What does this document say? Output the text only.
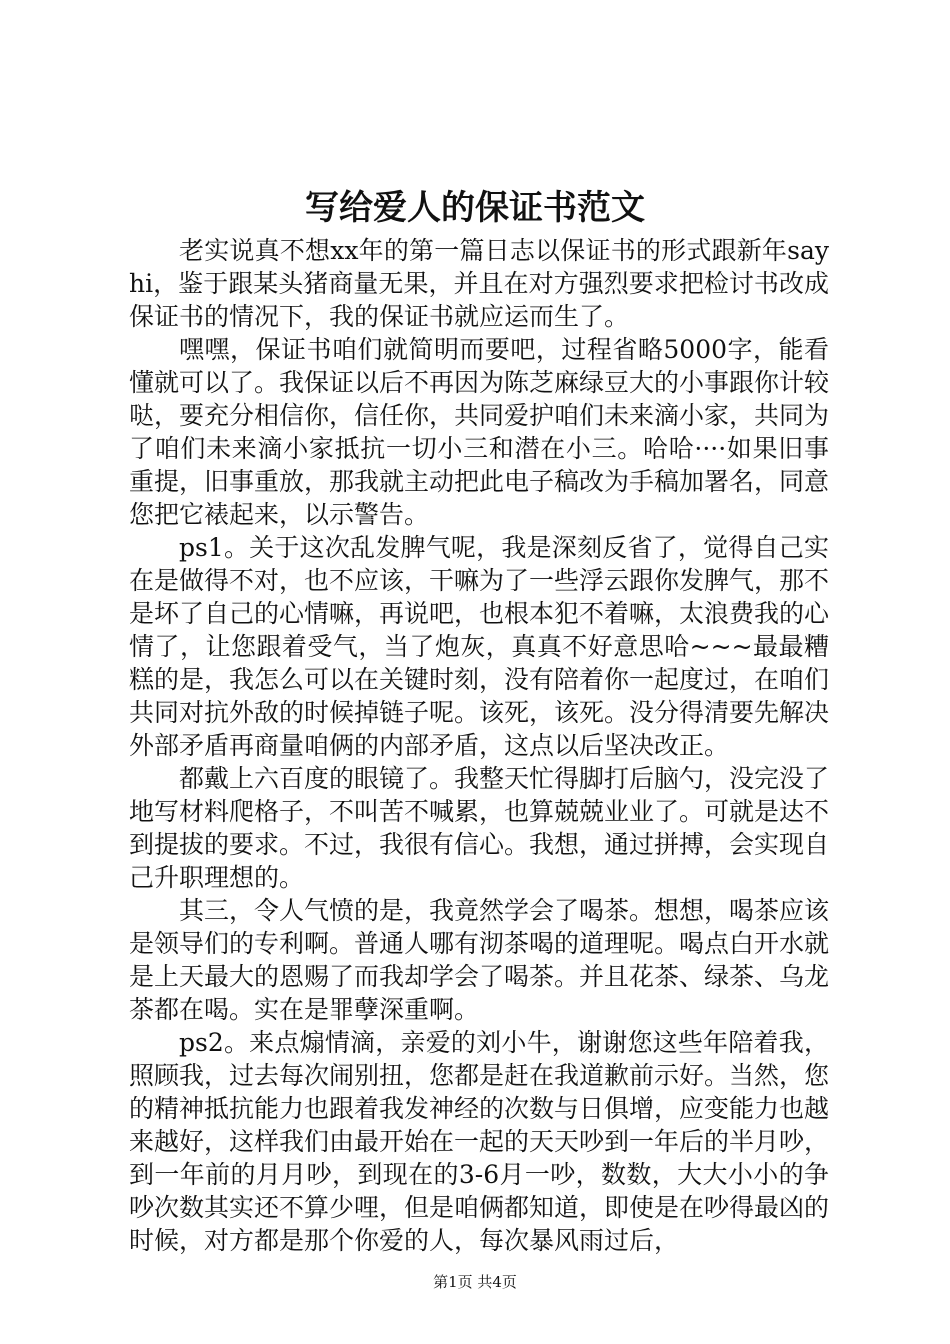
写给爱人的保证书范文

老实说真不想xx年的第一篇日志以保证书的形式跟新年sayhi，鉴于跟某头猪商量无果，并且在对方强烈要求把检讨书改成保证书的情况下，我的保证书就应运而生了。

嘿嘿，保证书咱们就简明而要吧，过程省略5000字，能看懂就可以了。我保证以后不再因为陈芝麻绿豆大的小事跟你计较哒，要充分相信你，信任你，共同爱护咱们未来滴小家，共同为了咱们未来滴小家抵抗一切小三和潜在小三。哈哈····如果旧事重提，旧事重放，那我就主动把此电子稿改为手稿加署名，同意您把它裱起来，以示警告。

ps1。关于这次乱发脾气呢，我是深刻反省了，觉得自己实在是做得不对，也不应该，干嘛为了一些浮云跟你发脾气，那不是坏了自己的心情嘛，再说吧，也根本犯不着嘛，太浪费我的心情了，让您跟着受气，当了炮灰，真真不好意思哈~~~最最糟糕的是，我怎么可以在关键时刻，没有陪着你一起度过，在咱们共同对抗外敌的时候掉链子呢。该死，该死。没分得清要先解决外部矛盾再商量咱俩的内部矛盾，这点以后坚决改正。

都戴上六百度的眼镜了。我整天忙得脚打后脑勺，没完没了地写材料爬格子，不叫苦不喊累，也算兢兢业业了。可就是达不到提拔的要求。不过，我很有信心。我想，通过拼搏，会实现自己升职理想的。

其三，令人气愤的是，我竟然学会了喝茶。想想，喝茶应该是领导们的专利啊。普通人哪有沏茶喝的道理呢。喝点白开水就是上天最大的恩赐了而我却学会了喝茶。并且花茶、绿茶、乌龙茶都在喝。实在是罪孽深重啊。

ps2。来点煽情滴，亲爱的刘小牛，谢谢您这些年陪着我，照顾我，过去每次闹别扭，您都是赶在我道歉前示好。当然，您的精神抵抗能力也跟着我发神经的次数与日俱增，应变能力也越来越好，这样我们由最开始在一起的天天吵到一年后的半月吵，到一年前的月月吵，到现在的3-6月一吵，数数，大大小小的争吵次数其实还不算少哩，但是咱俩都知道，即使是在吵得最凶的时候，对方都是那个你爱的人，每次暴风雨过后，

第1页 共4页
